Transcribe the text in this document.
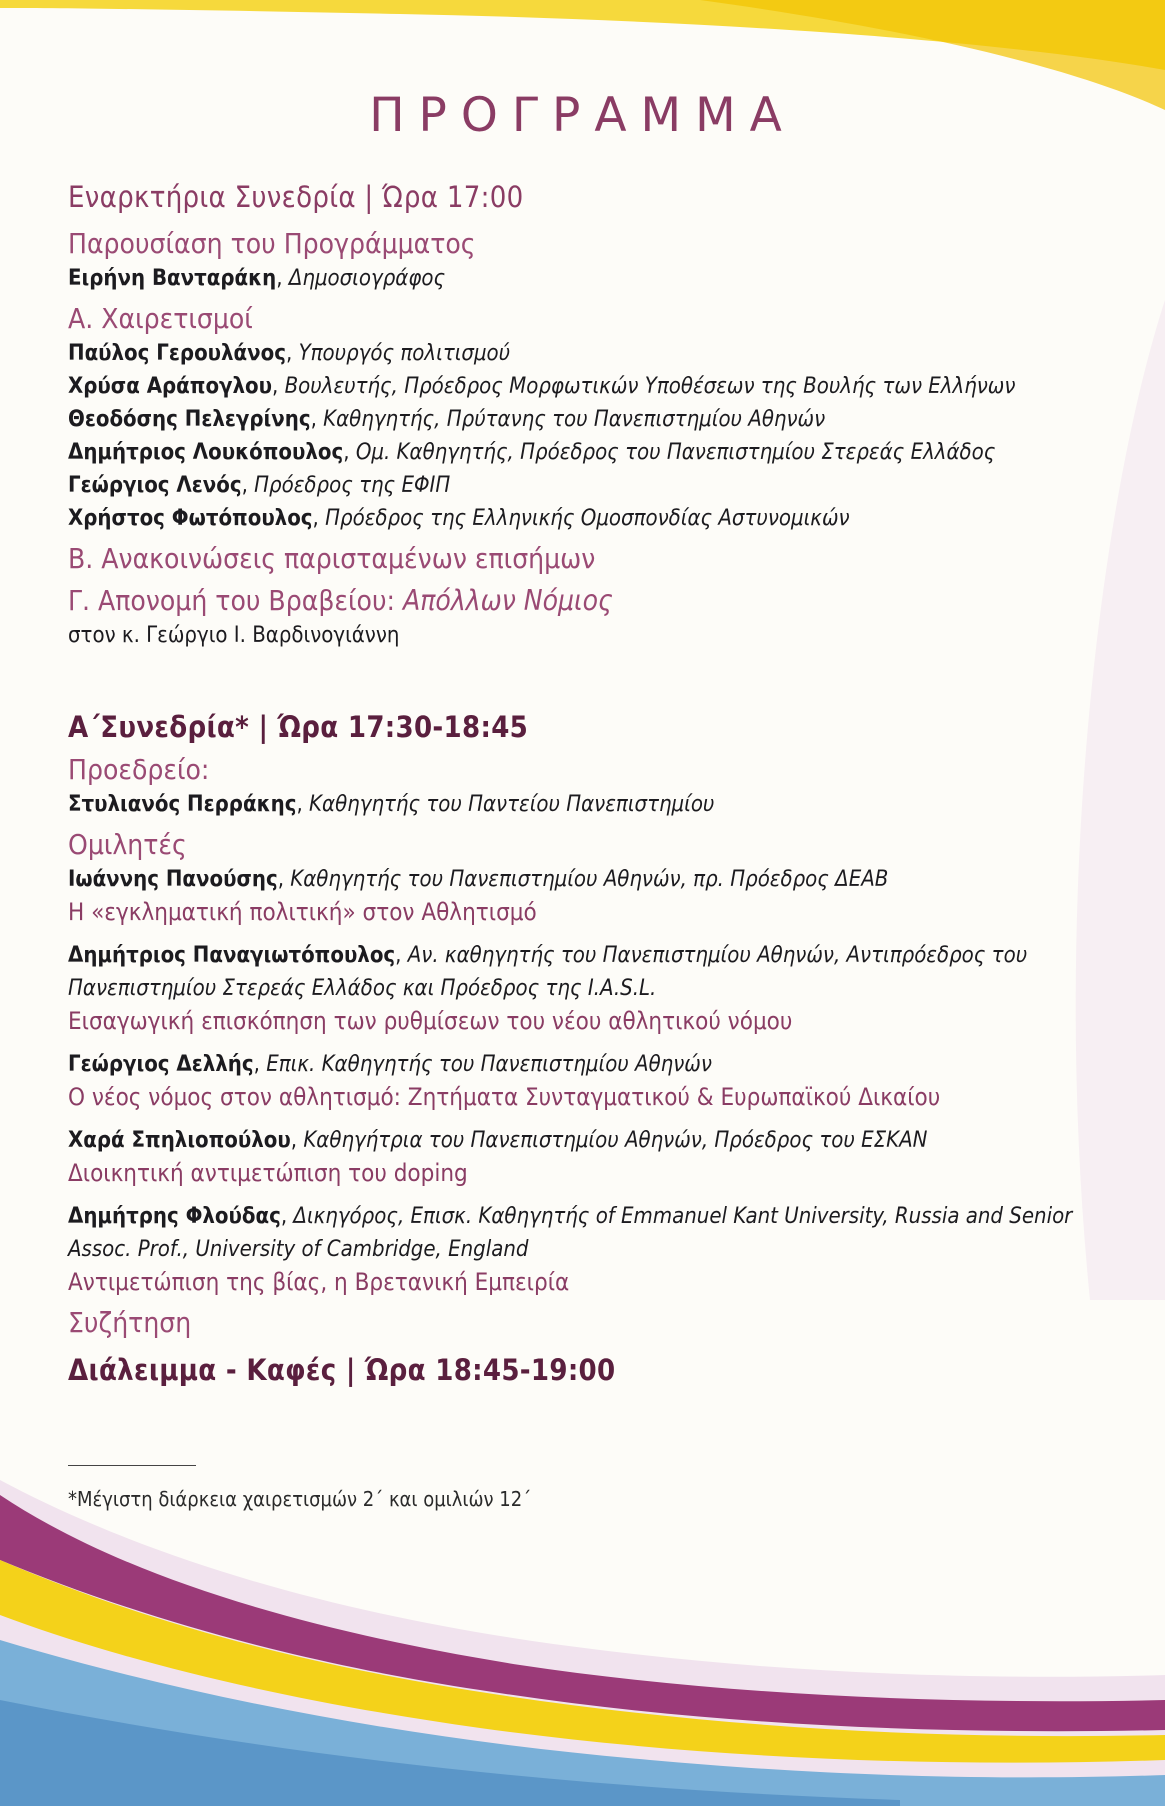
ΠΡΟΓΡΑΜΜΑ
Εναρκτήρια Συνεδρία | Ώρα 17:00
Παρουσίαση του Προγράμματος
Ειρήνη Βανταράκη, Δημοσιογράφος
Α. Χαιρετισμοί
Παύλος Γερουλάνος, Υπουργός πολιτισμού
Χρύσα Αράπογλου, Βουλευτής, Πρόεδρος Μορφωτικών Υποθέσεων της Βουλής των Ελλήνων
Θεοδόσης Πελεγρίνης, Καθηγητής, Πρύτανης του Πανεπιστημίου Αθηνών
Δημήτριος Λουκόπουλος, Ομ. Καθηγητής, Πρόεδρος του Πανεπιστημίου Στερεάς Ελλάδος
Γεώργιος Λενός, Πρόεδρος της ΕΦΙΠ
Χρήστος Φωτόπουλος, Πρόεδρος της Ελληνικής Ομοσπονδίας Αστυνομικών
Β. Ανακοινώσεις παρισταμένων επισήμων
Γ. Απονομή του Βραβείου: Απόλλων Νόμιος
στον κ. Γεώργιο Ι. Βαρδινογιάννη
Α΄Συνεδρία* | Ώρα 17:30-18:45
Προεδρείο:
Στυλιανός Περράκης, Καθηγητής του Παντείου Πανεπιστημίου
Ομιλητές
Ιωάννης Πανούσης, Καθηγητής του Πανεπιστημίου Αθηνών, πρ. Πρόεδρος ΔΕΑΒ
Η «εγκληματική πολιτική» στον Αθλητισμό
Δημήτριος Παναγιωτόπουλος, Αν. καθηγητής του Πανεπιστημίου Αθηνών, Αντιπρόεδρος του Πανεπιστημίου Στερεάς Ελλάδος και Πρόεδρος της I.A.S.L.
Εισαγωγική επισκόπηση των ρυθμίσεων του νέου αθλητικού νόμου
Γεώργιος Δελλής, Επικ. Καθηγητής του Πανεπιστημίου Αθηνών
Ο νέος νόμος στον αθλητισμό: Ζητήματα Συνταγματικού & Ευρωπαϊκού Δικαίου
Χαρά Σπηλιοπούλου, Καθηγήτρια του Πανεπιστημίου Αθηνών, Πρόεδρος του ΕΣΚΑΝ
Διοικητική αντιμετώπιση του doping
Δημήτρης Φλούδας, Δικηγόρος, Επισκ. Καθηγητής of Emmanuel Kant University, Russia and Senior Assoc. Prof., University of Cambridge, England
Αντιμετώπιση της βίας, η Βρετανική Εμπειρία
Συζήτηση
Διάλειμμα - Καφές | Ώρα 18:45-19:00
*Μέγιστη διάρκεια χαιρετισμών 2΄ και ομιλιών 12΄
